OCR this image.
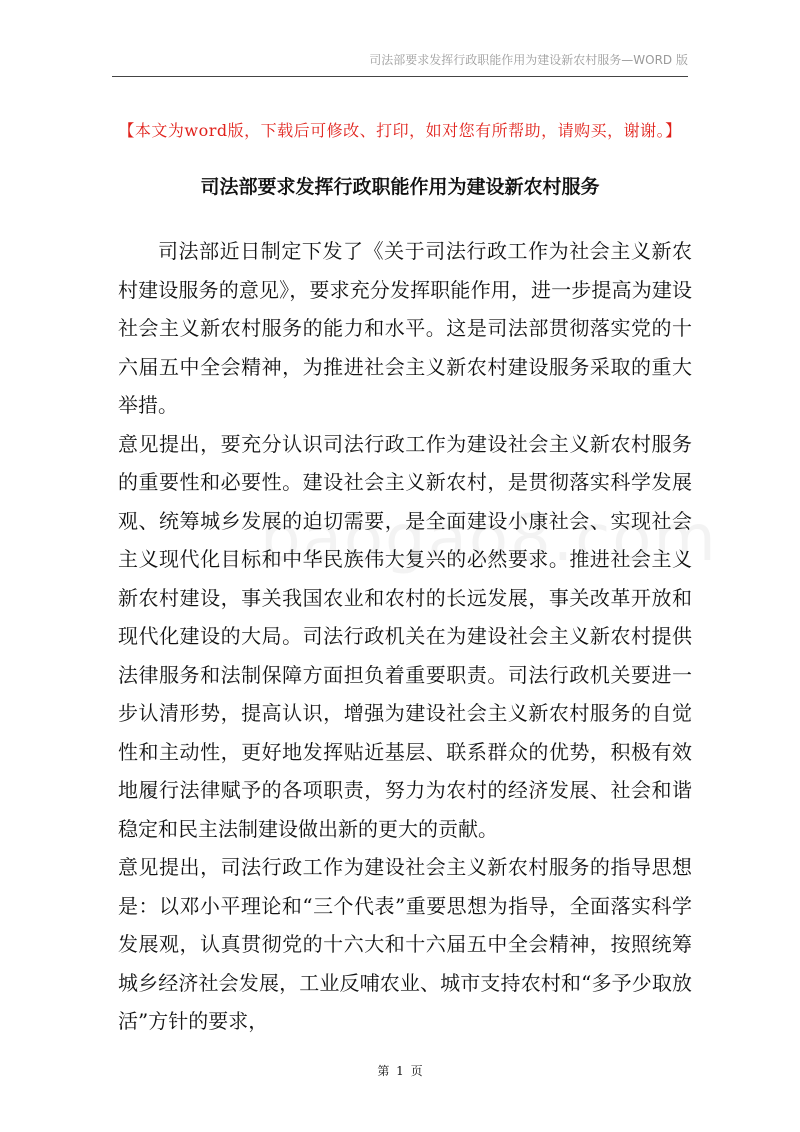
司法部要求发挥行政职能作用为建设新农村服务—WORD 版
【本文为word版，下载后可修改、打印，如对您有所帮助，请购买，谢谢。】
司法部要求发挥行政职能作用为建设新农村服务

司法部近日制定下发了《关于司法行政工作为社会主义新农村建设服务的意见》，要求充分发挥职能作用，进一步提高为建设社会主义新农村服务的能力和水平。这是司法部贯彻落实党的十六届五中全会精神，为推进社会主义新农村建设服务采取的重大举措。

意见提出，要充分认识司法行政工作为建设社会主义新农村服务的重要性和必要性。建设社会主义新农村，是贯彻落实科学发展观、统筹城乡发展的迫切需要，是全面建设小康社会、实现社会主义现代化目标和中华民族伟大复兴的必然要求。推进社会主义新农村建设，事关我国农业和农村的长远发展，事关改革开放和现代化建设的大局。司法行政机关在为建设社会主义新农村提供法律服务和法制保障方面担负着重要职责。司法行政机关要进一步认清形势，提高认识，增强为建设社会主义新农村服务的自觉性和主动性，更好地发挥贴近基层、联系群众的优势，积极有效地履行法律赋予的各项职责，努力为农村的经济发展、社会和谐稳定和民主法制建设做出新的更大的贡献。

意见提出，司法行政工作为建设社会主义新农村服务的指导思想是：以邓小平理论和“三个代表”重要思想为指导，全面落实科学发展观，认真贯彻党的十六大和十六届五中全会精神，按照统筹城乡经济社会发展，工业反哺农业、城市支持农村和“多予少取放活”方针的要求，

第 1 页
